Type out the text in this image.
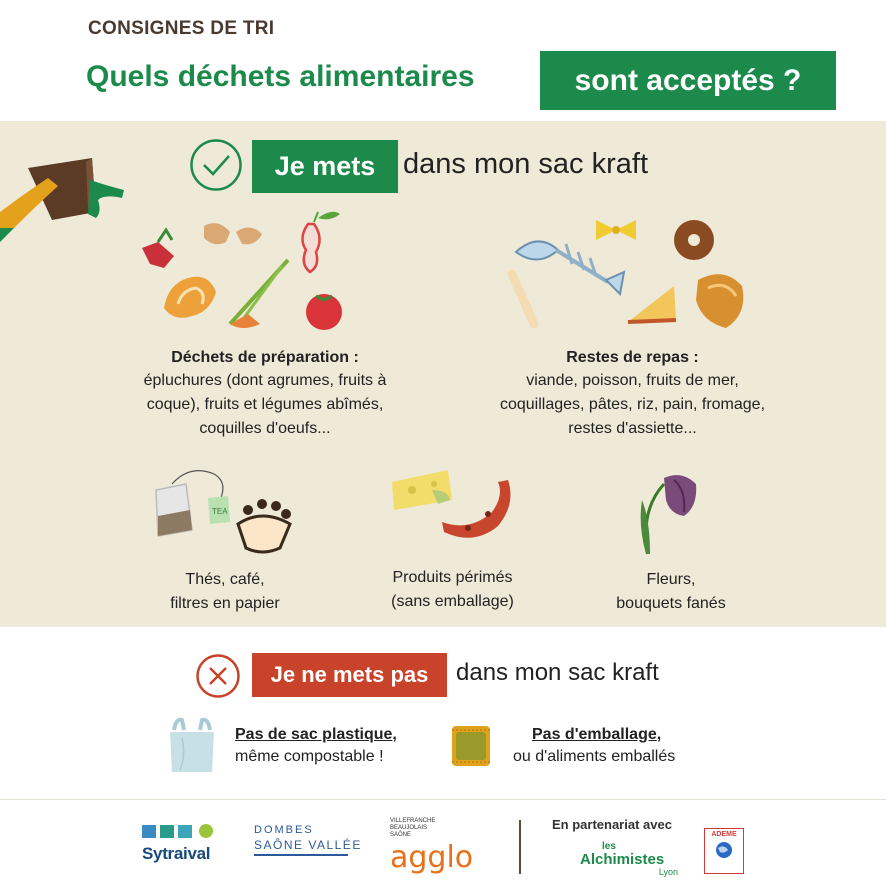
CONSIGNES DE TRI
Quels déchets alimentaires	sont acceptés ?
Je mets dans mon sac kraft
Déchets de préparation :
épluchures (dont agrumes, fruits à
coque), fruits et légumes abîmés,
coquilles d'oeufs...
Restes de repas :
viande, poisson, fruits de mer,
coquillages, pâtes, riz, pain, fromage,
restes d'assiette...
TEA
Thés, café,
filtres en papier
Produits périmés
(sans emballage)
Fleurs,
bouquets fanés
Je ne mets pas	dans mon sac kraft
Pas de sac plastique,
même compostable !
Pas d'emballage,
ou d'aliments emballés
Sytraival
DOMBES
SAÔNE VALLÉE
VILLEFRANCHE BEAUJOLAIS SAÔNE
agglo
En partenariat avec
les
Alchimistes
Lyon
ADEME
